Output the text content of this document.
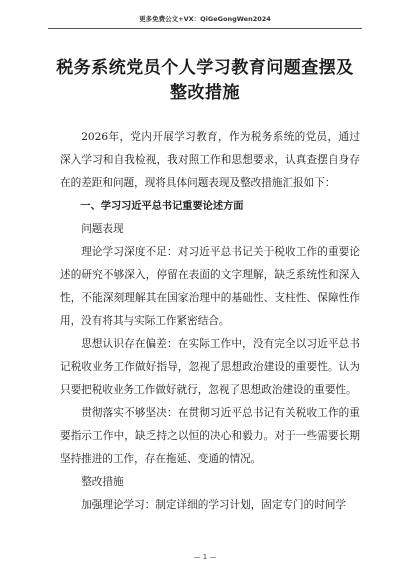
更多免费公文+VX：QiGeGongWen2024
税务系统党员个人学习教育问题查摆及整改措施

2026年，党内开展学习教育，作为税务系统的党员，通过深入学习和自我检视，我对照工作和思想要求，认真查摆自身存在的差距和问题，现将具体问题表现及整改措施汇报如下：

一、学习习近平总书记重要论述方面

问题表现

理论学习深度不足：对习近平总书记关于税收工作的重要论述的研究不够深入，停留在表面的文字理解，缺乏系统性和深入性，不能深刻理解其在国家治理中的基础性、支柱性、保障性作用，没有将其与实际工作紧密结合。

思想认识存在偏差：在实际工作中，没有完全以习近平总书记税收业务工作做好指导，忽视了思想政治建设的重要性。认为只要把税收业务工作做好就行，忽视了思想政治建设的重要性。

贯彻落实不够坚决：在贯彻习近平总书记有关税收工作的重要指示工作中，缺乏持之以恒的决心和毅力。对于一些需要长期坚持推进的工作，存在拖延、变通的情况。

整改措施

加强理论学习：制定详细的学习计划，固定专门的时间学

— 1 —
